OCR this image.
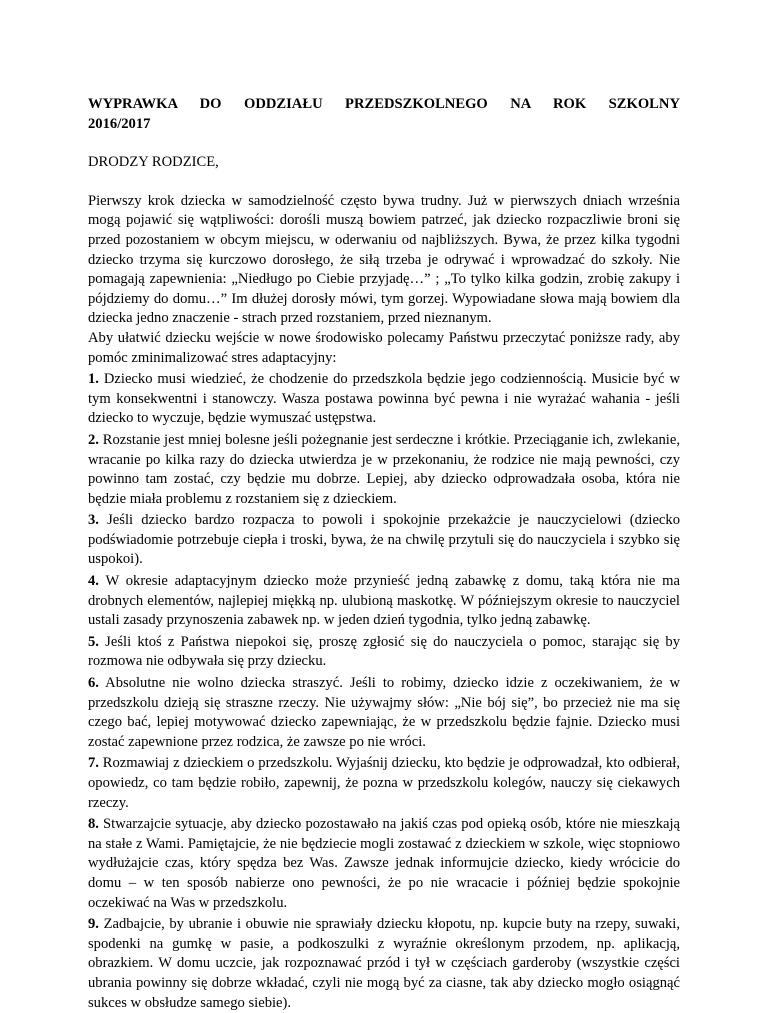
WYPRAWKA DO ODDZIAŁU PRZEDSZKOLNEGO NA ROK SZKOLNY

2016/2017

DRODZY RODZICE,

Pierwszy krok dziecka w samodzielność często bywa trudny. Już w pierwszych dniach września mogą pojawić się wątpliwości: dorośli muszą bowiem patrzeć, jak dziecko rozpaczliwie broni się przed pozostaniem w obcym miejscu, w oderwaniu od najbliższych. Bywa, że przez kilka tygodni dziecko trzyma się kurczowo dorosłego, że siłą trzeba je odrywać i wprowadzać do szkoły. Nie pomagają zapewnienia: „Niedługo po Ciebie przyjadę…” ; „To tylko kilka godzin, zrobię zakupy i pójdziemy do domu…” Im dłużej dorosły mówi, tym gorzej. Wypowiadane słowa mają bowiem dla dziecka jedno znaczenie - strach przed rozstaniem, przed nieznanym.

Aby ułatwić dziecku wejście w nowe środowisko polecamy Państwu przeczytać poniższe rady, aby pomóc zminimalizować stres adaptacyjny:

1. Dziecko musi wiedzieć, że chodzenie do przedszkola będzie jego codziennością. Musicie być w tym konsekwentni i stanowczy. Wasza postawa powinna być pewna i nie wyrażać wahania - jeśli dziecko to wyczuje, będzie wymuszać ustępstwa.

2. Rozstanie jest mniej bolesne jeśli pożegnanie jest serdeczne i krótkie. Przeciąganie ich, zwlekanie, wracanie po kilka razy do dziecka utwierdza je w przekonaniu, że rodzice nie mają pewności, czy powinno tam zostać, czy będzie mu dobrze. Lepiej, aby dziecko odprowadzała osoba, która nie będzie miała problemu z rozstaniem się z dzieckiem.

3. Jeśli dziecko bardzo rozpacza to powoli i spokojnie przekażcie je nauczycielowi (dziecko podświadomie potrzebuje ciepła i troski, bywa, że na chwilę przytuli się do nauczyciela i szybko się uspokoi).

4. W okresie adaptacyjnym dziecko może przynieść jedną zabawkę z domu, taką która nie ma drobnych elementów, najlepiej miękką np. ulubioną maskotkę. W późniejszym okresie to nauczyciel ustali zasady przynoszenia zabawek np. w jeden dzień tygodnia, tylko jedną zabawkę.

5. Jeśli ktoś z Państwa niepokoi się, proszę zgłosić się do nauczyciela o pomoc, starając się by rozmowa nie odbywała się przy dziecku.

6. Absolutne nie wolno dziecka straszyć. Jeśli to robimy, dziecko idzie z oczekiwaniem, że w przedszkolu dzieją się straszne rzeczy. Nie używajmy słów: „Nie bój się”, bo przecież nie ma się czego bać, lepiej motywować dziecko zapewniając, że w przedszkolu będzie fajnie. Dziecko musi zostać zapewnione przez rodzica, że zawsze po nie wróci.

7. Rozmawiaj z dzieckiem o przedszkolu. Wyjaśnij dziecku, kto będzie je odprowadzał, kto odbierał, opowiedz, co tam będzie robiło, zapewnij, że pozna w przedszkolu kolegów, nauczy się ciekawych rzeczy.

8. Stwarzajcie sytuacje, aby dziecko pozostawało na jakiś czas pod opieką osób, które nie mieszkają na stałe z Wami. Pamiętajcie, że nie będziecie mogli zostawać z dzieckiem w szkole, więc stopniowo wydłużajcie czas, który spędza bez Was. Zawsze jednak informujcie dziecko, kiedy wrócicie do domu – w ten sposób nabierze ono pewności, że po nie wracacie i później będzie spokojnie oczekiwać na Was w przedszkolu.

9. Zadbajcie, by ubranie i obuwie nie sprawiały dziecku kłopotu, np. kupcie buty na rzepy, suwaki, spodenki na gumkę w pasie, a podkoszulki z wyraźnie określonym przodem, np. aplikacją, obrazkiem. W domu uczcie, jak rozpoznawać przód i tył w częściach garderoby (wszystkie części ubrania powinny się dobrze wkładać, czyli nie mogą być za ciasne, tak aby dziecko mogło osiągnąć sukces w obsłudze samego siebie).
